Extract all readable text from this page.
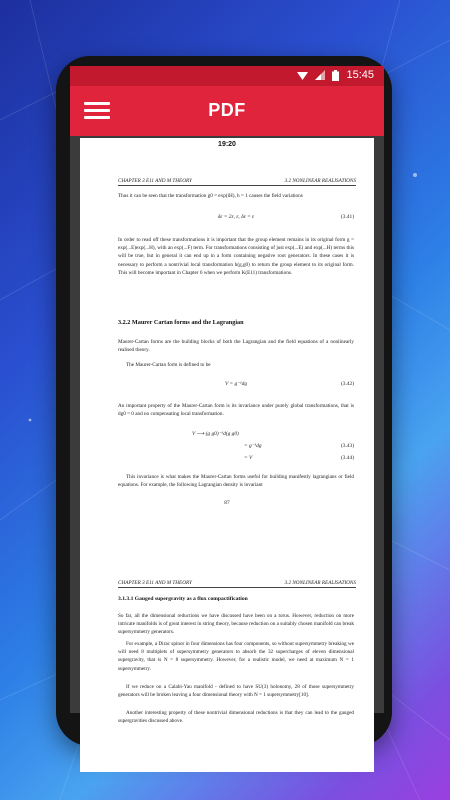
15:45
PDF
19:20
CHAPTER 3 E11 AND M THEORY	3.2 NONLINEAR REALISATIONS
Thus it can be seen that the transformation g0 = exp(iH), h = 1 causes the field variations
δε = 2ε, ε, δε = ε	(3.41)
In order to read off these transformations it is important that the group element remains in its original form g = exp(...E)exp(...H), with an exp(...F) term. For transformations consisting of just exp(...E) and exp(...H) terms this will be true, but in general it can end up in a form containing negative root generators. In these cases it is necessary to perform a nontrivial local transformation h(g,g0) to return the group element to its original form. This will become important in Chapter 6 when we perform K(E11) transformations.
3.2.2 Maurer Cartan forms and the Lagrangian
Maurer-Cartan forms are the building blocks of both the Lagrangian and the field equations of a nonlinearly realised theory.
The Maurer-Cartan form is defined to be
V = g⁻¹dg	(3.42)
An important property of the Maurer-Cartan form is its invariance under purely global transformations, that is dg0 = 0 and no compensating local transformation.
V ⟶ (g g0)⁻¹d(g g0)
= g⁻¹dg	(3.43)
= V	(3.44)
This invariance is what makes the Maurer-Cartan forms useful for building manifestly lagrangians or field equations. For example, the following Lagrangian density is invariant
87
CHAPTER 3 E11 AND M THEORY	3.2 NONLINEAR REALISATIONS
3.1.3.1 Gauged supergravity as a flux compactification
So far, all the dimensional reductions we have discussed have been on a torus. However, reduction on more intricate manifolds is of great interest in string theory, because reduction on a suitably chosen manifold can break supersymmetry generators.
For example, a Dirac spinor in four dimensions has four components, so without supersymmetry breaking we will need 8 multiplets of supersymmetry generators to absorb the 32 supercharges of eleven dimensional supergravity, that is N = 8 supersymmetry. However, for a realistic model, we need at maximum N = 1 supersymmetry.
If we reduce on a Calabi-Yau manifold - defined to have SU(3) holonomy, 28 of those supersymmetry generators will be broken leaving a four dimensional theory with N = 1 supersymmetry[10].
Another interesting property of these nontrivial dimensional reductions is that they can lead to the gauged supergravities discussed above.
